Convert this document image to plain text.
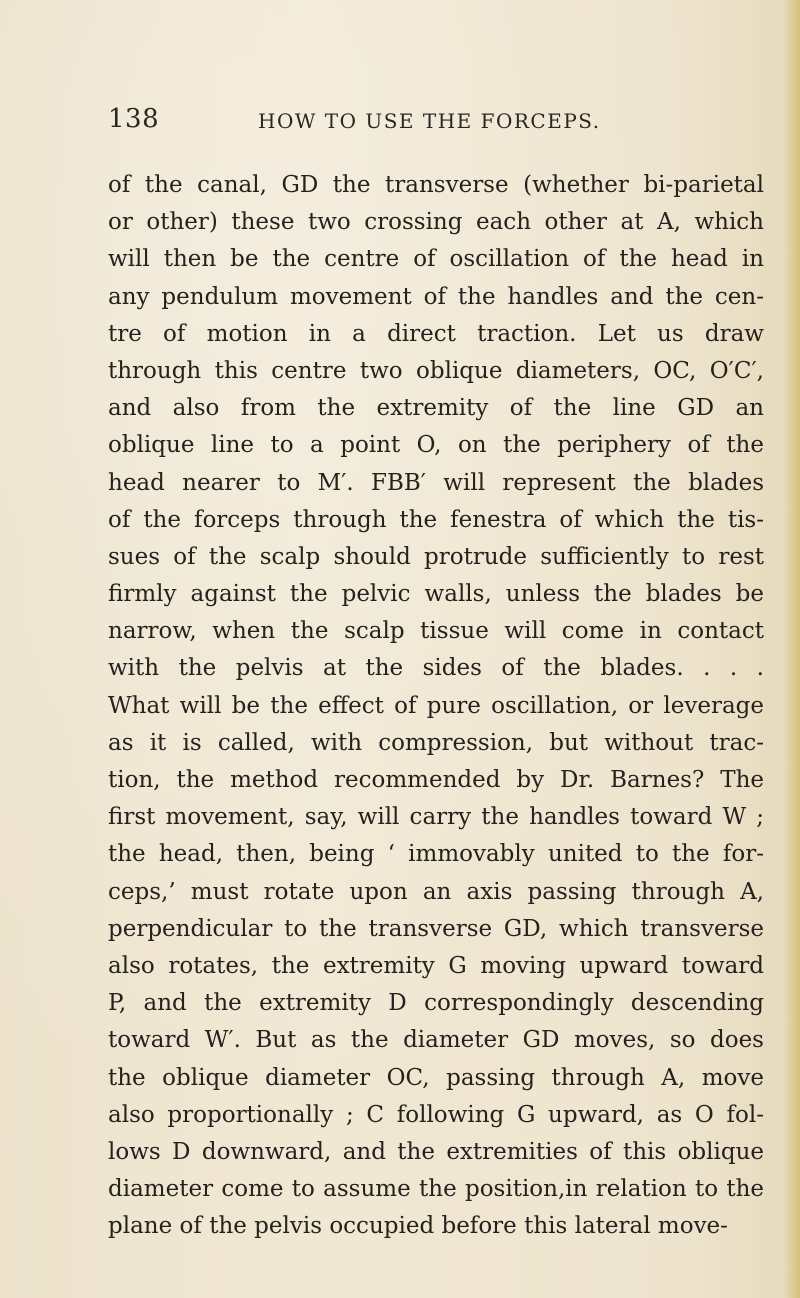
138	HOW TO USE THE FORCEPS.
of the canal, GD the transverse (whether bi-parietal
or other) these two crossing each other at A, which
will then be the centre of oscillation of the head in
any pendulum movement of the handles and the cen-
tre of motion in a direct traction. Let us draw
through this centre two oblique diameters, OC, O′C′,
and also from the extremity of the line GD an
oblique line to a point O, on the periphery of the
head nearer to M′. FBB′ will represent the blades
of the forceps through the fenestra of which the tis-
sues of the scalp should protrude sufficiently to rest
firmly against the pelvic walls, unless the blades be
narrow, when the scalp tissue will come in contact
with the pelvis at the sides of the blades. . . .
What will be the effect of pure oscillation, or leverage
as it is called, with compression, but without trac-
tion, the method recommended by Dr. Barnes? The
first movement, say, will carry the handles toward W ;
the head, then, being ‘ immovably united to the for-
ceps,’ must rotate upon an axis passing through A,
perpendicular to the transverse GD, which transverse
also rotates, the extremity G moving upward toward
P, and the extremity D correspondingly descending
toward W′. But as the diameter GD moves, so does
the oblique diameter OC, passing through A, move
also proportionally ; C following G upward, as O fol-
lows D downward, and the extremities of this oblique
diameter come to assume the position,in relation to the
plane of the pelvis occupied before this lateral move-
